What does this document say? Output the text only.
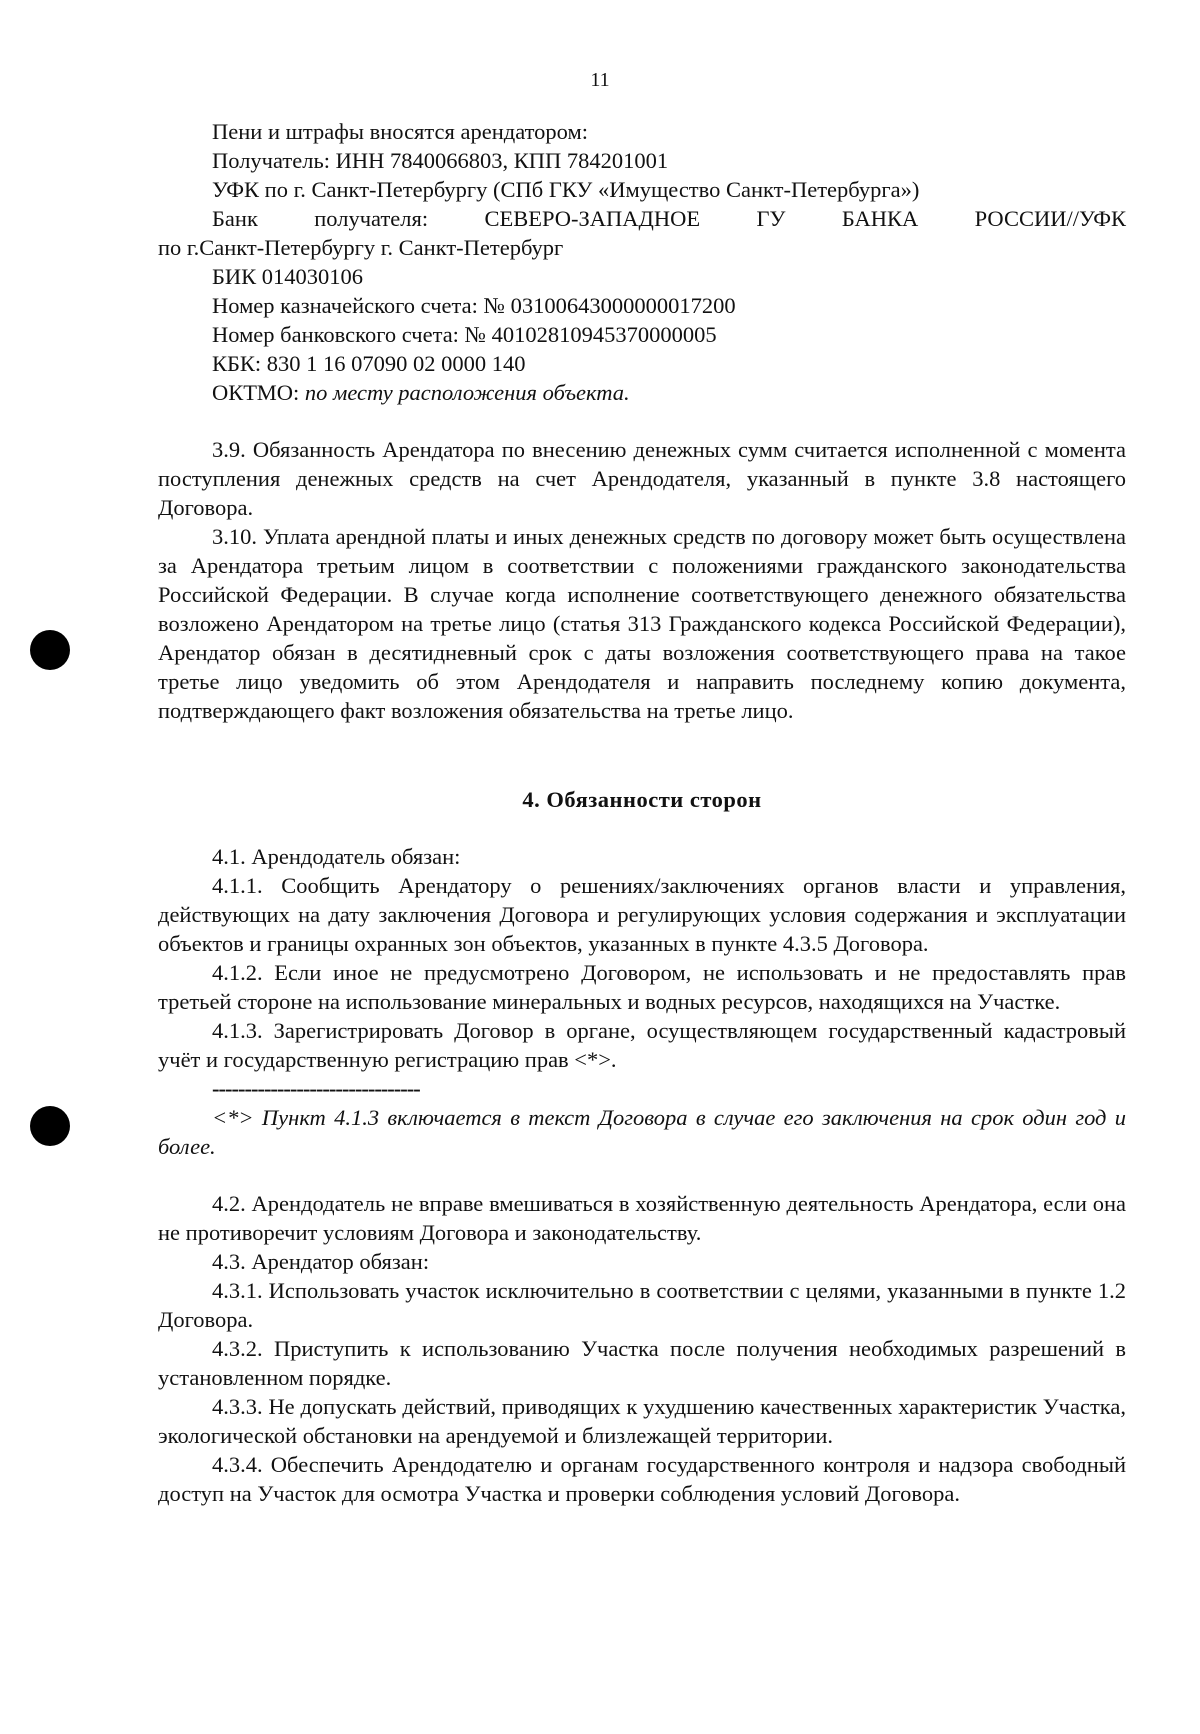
11

Пени и штрафы вносятся арендатором:

Получатель: ИНН 7840066803, КПП 784201001

УФК по г. Санкт-Петербургу (СПб ГКУ «Имущество Санкт-Петербурга»)

Банк получателя: СЕВЕРО-ЗАПАДНОЕ ГУ БАНКА РОССИИ//УФК

по г.Санкт-Петербургу г. Санкт-Петербург

БИК 014030106

Номер казначейского счета: № 03100643000000017200

Номер банковского счета: № 40102810945370000005

КБК: 830 1 16 07090 02 0000 140

ОКТМО: по месту расположения объекта.

3.9. Обязанность Арендатора по внесению денежных сумм считается исполненной с момента поступления денежных средств на счет Арендодателя, указанный в пункте 3.8 настоящего Договора.

3.10. Уплата арендной платы и иных денежных средств по договору может быть осуществлена за Арендатора третьим лицом в соответствии с положениями гражданского законодательства Российской Федерации. В случае когда исполнение соответствующего денежного обязательства возложено Арендатором на третье лицо (статья 313 Гражданского кодекса Российской Федерации), Арендатор обязан в десятидневный срок с даты возложения соответствующего права на такое третье лицо уведомить об этом Арендодателя и направить последнему копию документа, подтверждающего факт возложения обязательства на третье лицо.

4. Обязанности сторон

4.1. Арендодатель обязан:

4.1.1. Сообщить Арендатору о решениях/заключениях органов власти и управления, действующих на дату заключения Договора и регулирующих условия содержания и эксплуатации объектов и границы охранных зон объектов, указанных в пункте 4.3.5 Договора.

4.1.2. Если иное не предусмотрено Договором, не использовать и не предоставлять прав третьей стороне на использование минеральных и водных ресурсов, находящихся на Участке.

4.1.3. Зарегистрировать Договор в органе, осуществляющем государственный кадастровый учёт и государственную регистрацию прав <*>.

--------------------------------

<*> Пункт 4.1.3 включается в текст Договора в случае его заключения на срок один год и более.

4.2. Арендодатель не вправе вмешиваться в хозяйственную деятельность Арендатора, если она не противоречит условиям Договора и законодательству.

4.3. Арендатор обязан:

4.3.1. Использовать участок исключительно в соответствии с целями, указанными в пункте 1.2 Договора.

4.3.2. Приступить к использованию Участка после получения необходимых разрешений в установленном порядке.

4.3.3. Не допускать действий, приводящих к ухудшению качественных характеристик Участка, экологической обстановки на арендуемой и близлежащей территории.

4.3.4. Обеспечить Арендодателю и органам государственного контроля и надзора свободный доступ на Участок для осмотра Участка и проверки соблюдения условий Договора.
